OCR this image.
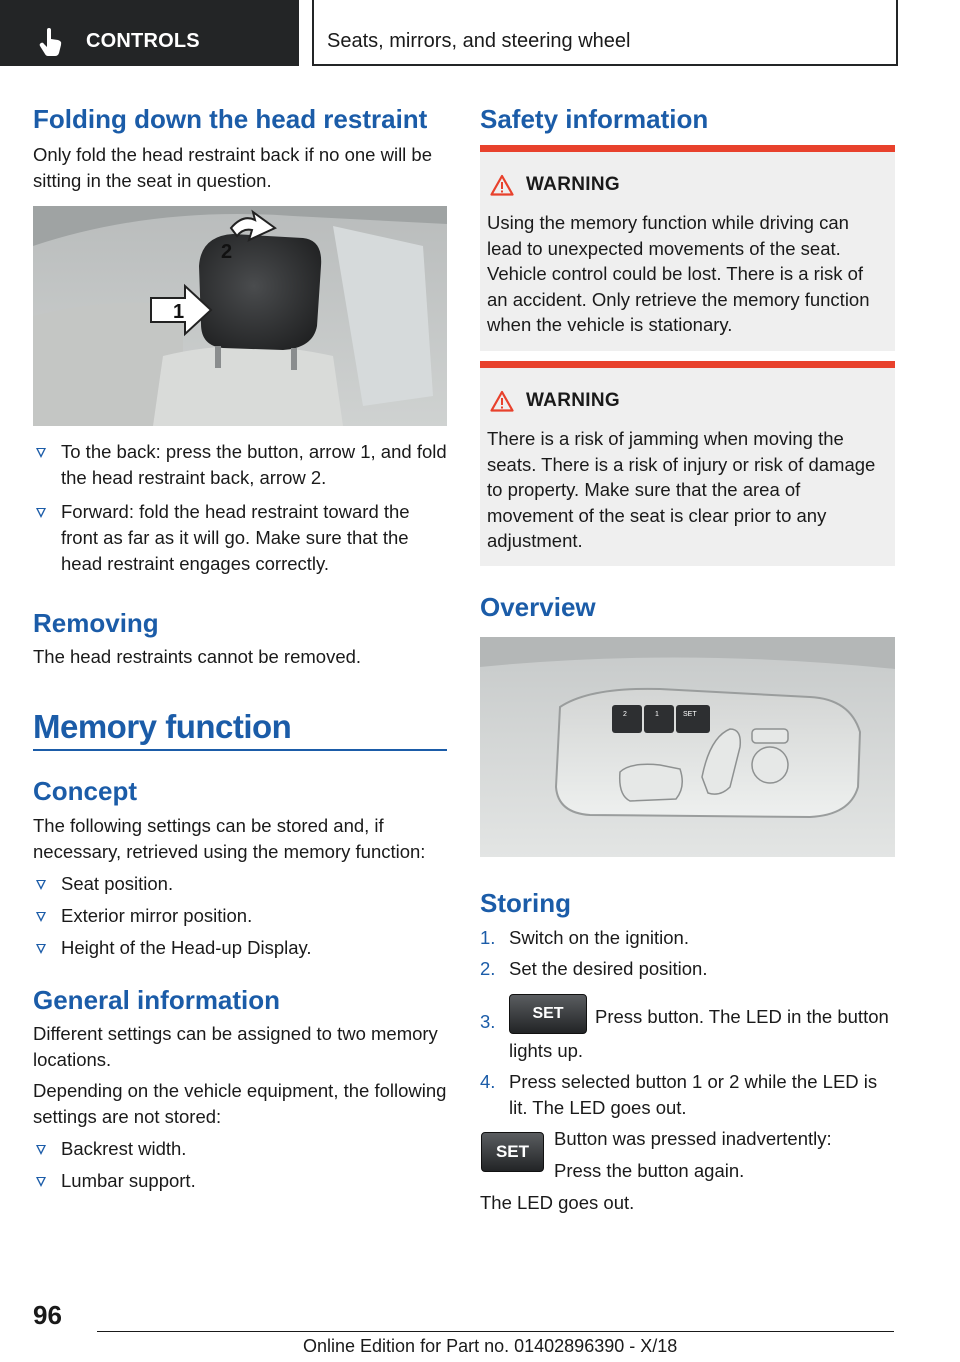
CONTROLS	Seats, mirrors, and steering wheel
Folding down the head restraint

Only fold the head restraint back if no one will be sitting in the seat in question.

1
2
To the back: press the button, arrow 1, and fold the head restraint back, arrow 2.
Forward: fold the head restraint toward the front as far as it will go. Make sure that the head restraint engages correctly.
Removing

The head restraints cannot be removed.

Memory function
Concept

The following settings can be stored and, if necessary, retrieved using the memory function:

Seat position.
Exterior mirror position.
Height of the Head-up Display.
General information

Different settings can be assigned to two memory locations.

Depending on the vehicle equipment, the following settings are not stored:

Backrest width.
Lumbar support.
Safety information
WARNING

Using the memory function while driving can lead to unexpected movements of the seat. Vehicle control could be lost. There is a risk of an accident. Only retrieve the memory function when the vehicle is stationary.

WARNING

There is a risk of jamming when moving the seats. There is a risk of injury or risk of damage to property. Make sure that the area of movement of the seat is clear prior to any adjustment.

Overview
2	1	SET
Storing
1. Switch on the ignition.
2. Set the desired position.
3. SET Press button. The LED in the button lights up.
4. Press selected button 1 or 2 while the LED is lit. The LED goes out.
SET

Button was pressed inadvertently:

Press the button again.

The LED goes out.

96
Online Edition for Part no. 01402896390 - X/18
